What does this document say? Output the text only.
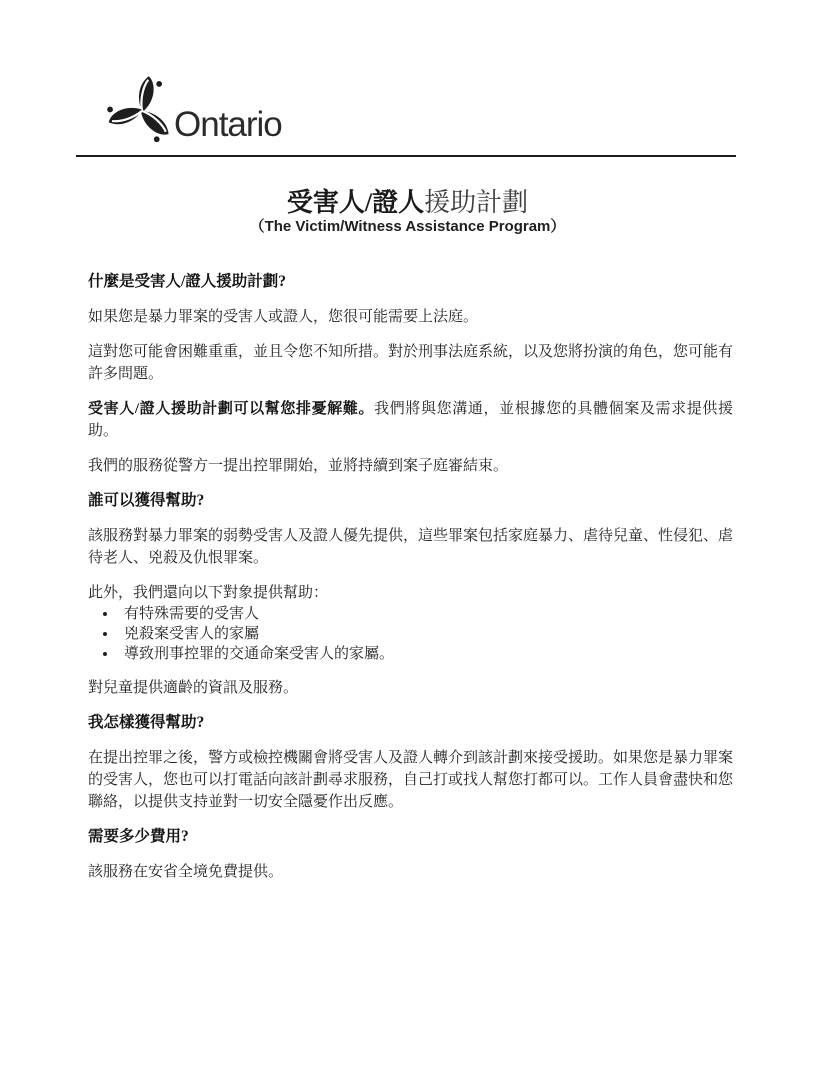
Ontario
受害人/證人援助計劃
（The Victim/Witness Assistance Program）
什麼是受害人/證人援助計劃?

如果您是暴力罪案的受害人或證人，您很可能需要上法庭。

這對您可能會困難重重，並且令您不知所措。對於刑事法庭系統，以及您將扮演的角色，您可能有許多問題。

受害人/證人援助計劃可以幫您排憂解難。我們將與您溝通，並根據您的具體個案及需求提供援助。

我們的服務從警方一提出控罪開始，並將持續到案子庭審結束。

誰可以獲得幫助?

該服務對暴力罪案的弱勢受害人及證人優先提供，這些罪案包括家庭暴力、虐待兒童、性侵犯、虐待老人、兇殺及仇恨罪案。

此外，我們還向以下對象提供幫助：

• 有特殊需要的受害人
• 兇殺案受害人的家屬
• 導致刑事控罪的交通命案受害人的家屬。

對兒童提供適齡的資訊及服務。

我怎樣獲得幫助?

在提出控罪之後，警方或檢控機關會將受害人及證人轉介到該計劃來接受援助。如果您是暴力罪案的受害人，您也可以打電話向該計劃尋求服務，自己打或找人幫您打都可以。工作人員會盡快和您聯絡，以提供支持並對一切安全隱憂作出反應。

需要多少費用?

該服務在安省全境免費提供。
